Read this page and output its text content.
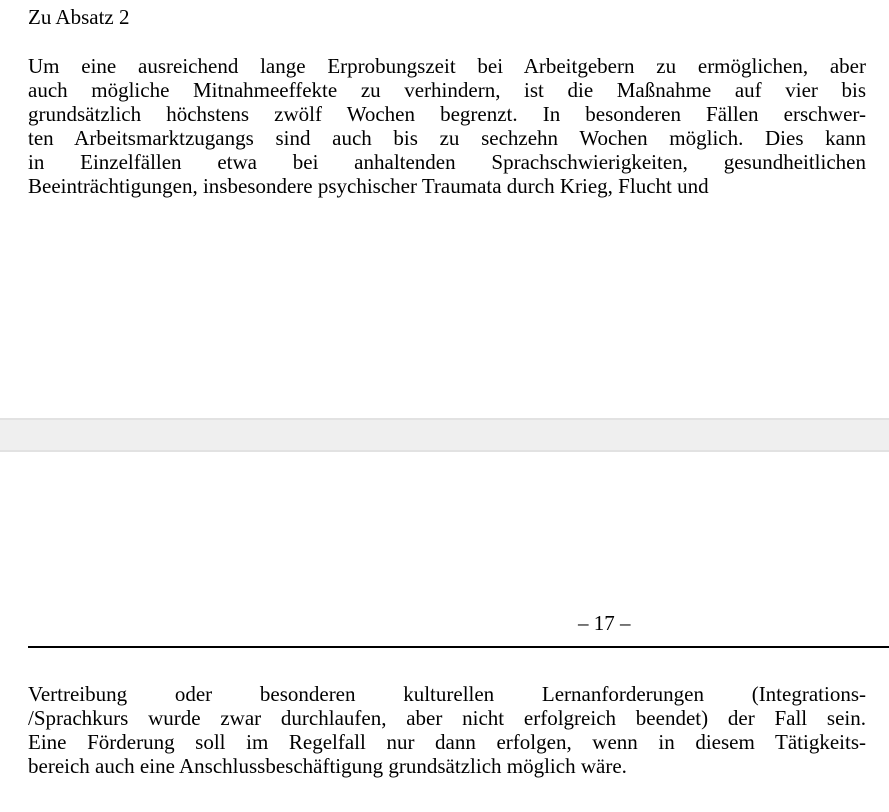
Zu Absatz 2

Um eine ausreichend lange Erprobungszeit bei Arbeitgebern zu ermöglichen, aber
auch mögliche Mitnahmeeffekte zu verhindern, ist die Maßnahme auf vier bis
grundsätzlich höchstens zwölf Wochen begrenzt. In besonderen Fällen erschwer-
ten Arbeitsmarktzugangs sind auch bis zu sechzehn Wochen möglich. Dies kann
in Einzelfällen etwa bei anhaltenden Sprachschwierigkeiten, gesundheitlichen
Beeinträchtigungen, insbesondere psychischer Traumata durch Krieg, Flucht und

– 17 –

Vertreibung oder besonderen kulturellen Lernanforderungen (Integrations-
/Sprachkurs wurde zwar durchlaufen, aber nicht erfolgreich beendet) der Fall sein.
Eine Förderung soll im Regelfall nur dann erfolgen, wenn in diesem Tätigkeits-
bereich auch eine Anschlussbeschäftigung grundsätzlich möglich wäre.
